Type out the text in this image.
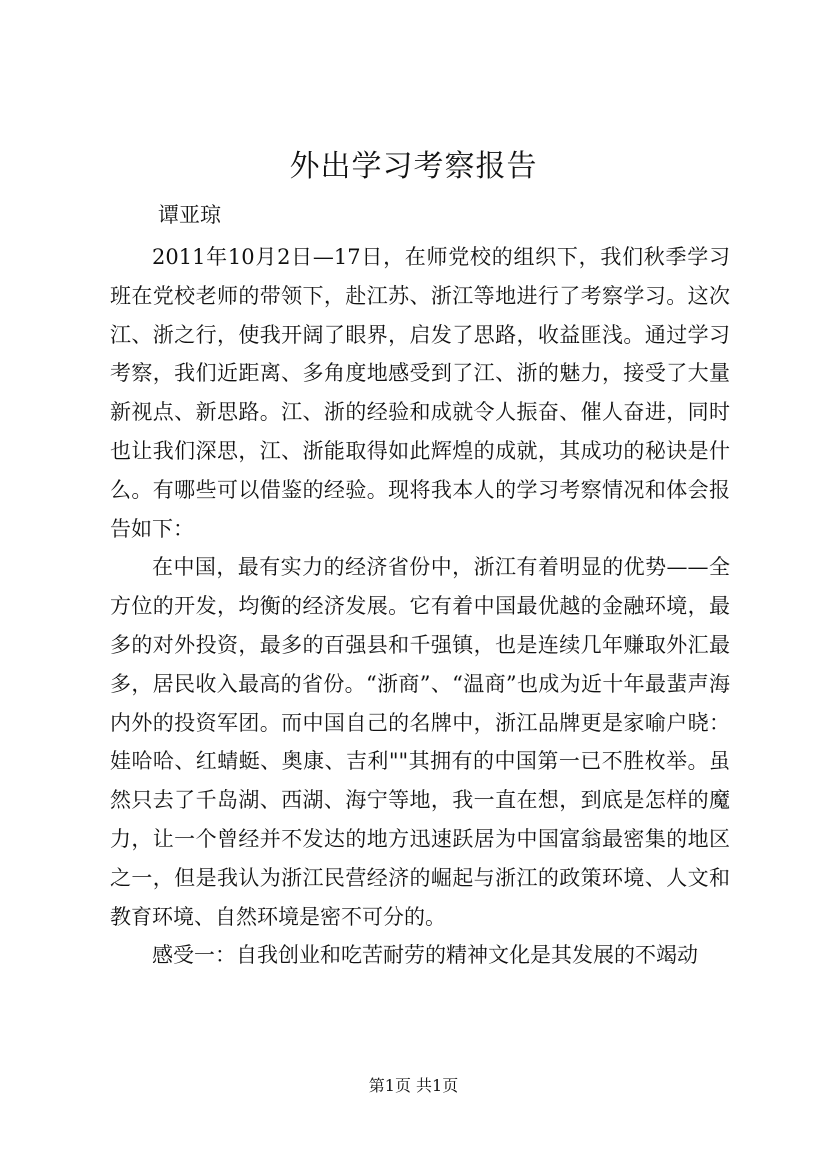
外出学习考察报告
谭亚琼

2011年10月2日—17日，在师党校的组织下，我们秋季学习班在党校老师的带领下，赴江苏、浙江等地进行了考察学习。这次江、浙之行，使我开阔了眼界，启发了思路，收益匪浅。通过学习考察，我们近距离、多角度地感受到了江、浙的魅力，接受了大量新视点、新思路。江、浙的经验和成就令人振奋、催人奋进，同时也让我们深思，江、浙能取得如此辉煌的成就，其成功的秘诀是什么。有哪些可以借鉴的经验。现将我本人的学习考察情况和体会报告如下：

在中国，最有实力的经济省份中，浙江有着明显的优势——全方位的开发，均衡的经济发展。它有着中国最优越的金融环境，最多的对外投资，最多的百强县和千强镇，也是连续几年赚取外汇最多，居民收入最高的省份。“浙商”、“温商”也成为近十年最蜚声海内外的投资军团。而中国自己的名牌中，浙江品牌更是家喻户晓：娃哈哈、红蜻蜓、奥康、吉利""其拥有的中国第一已不胜枚举。虽然只去了千岛湖、西湖、海宁等地，我一直在想，到底是怎样的魔力，让一个曾经并不发达的地方迅速跃居为中国富翁最密集的地区之一，但是我认为浙江民营经济的崛起与浙江的政策环境、人文和教育环境、自然环境是密不可分的。

感受一：自我创业和吃苦耐劳的精神文化是其发展的不竭动

第1页 共1页
